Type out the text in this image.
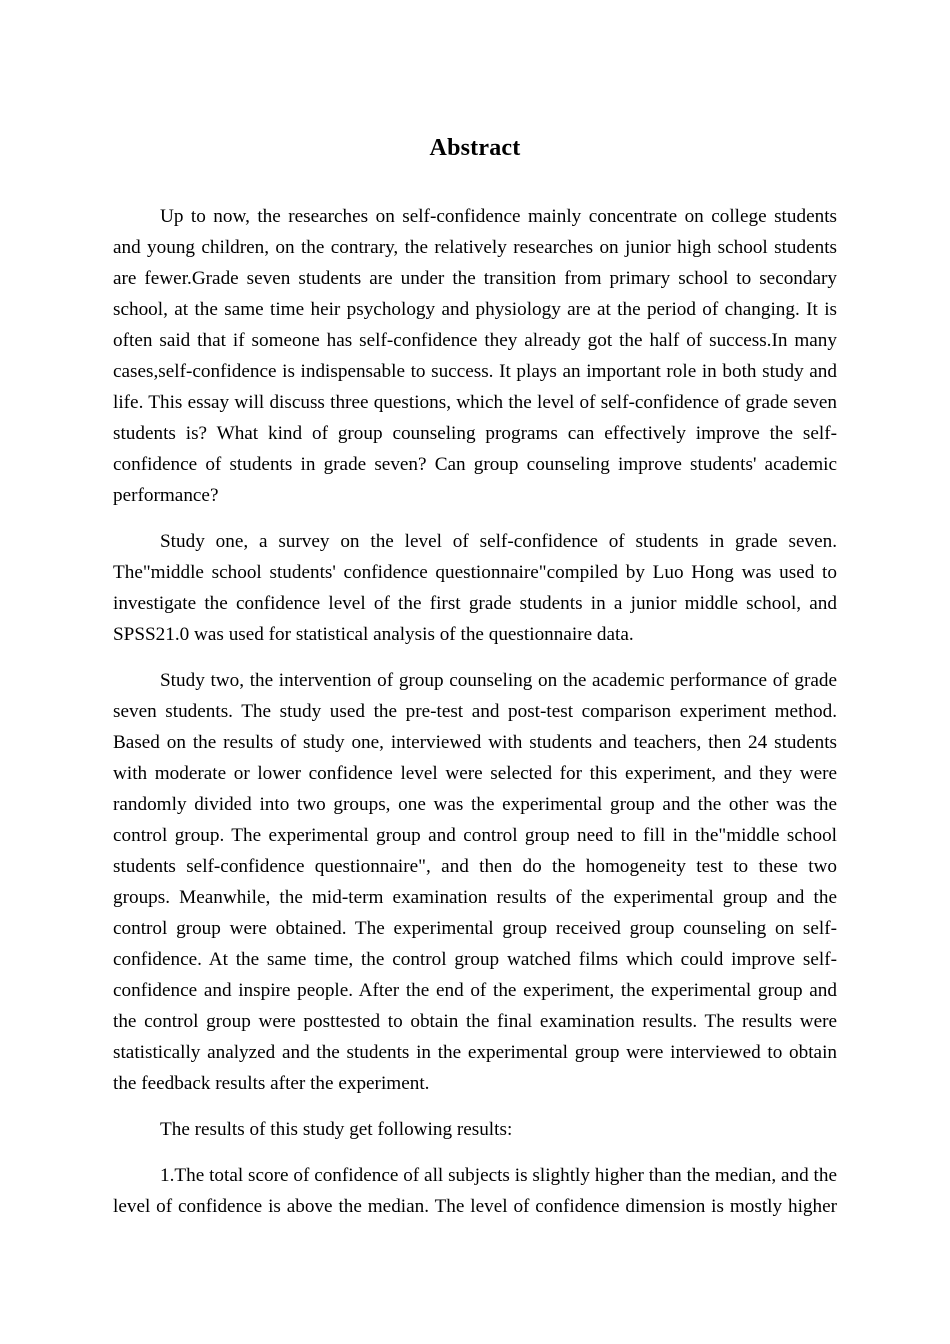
Abstract

Up to now, the researches on self-confidence mainly concentrate on college students and young children, on the contrary, the relatively researches on junior high school students are fewer.Grade seven students are under the transition from primary school to secondary school, at the same time heir psychology and physiology are at the period of changing. It is often said that if someone has self-confidence they already got the half of success.In many cases,self-confidence is indispensable to success. It plays an important role in both study and life. This essay will discuss three questions, which the level of self-confidence of grade seven students is? What kind of group counseling programs can effectively improve the self-confidence of students in grade seven? Can group counseling improve students' academic performance?

Study one, a survey on the level of self-confidence of students in grade seven. The"middle school students' confidence questionnaire"compiled by Luo Hong was used to investigate the confidence level of the first grade students in a junior middle school, and SPSS21.0 was used for statistical analysis of the questionnaire data.

Study two, the intervention of group counseling on the academic performance of grade seven students. The study used the pre-test and post-test comparison experiment method. Based on the results of study one, interviewed with students and teachers, then 24 students with moderate or lower confidence level were selected for this experiment, and they were randomly divided into two groups, one was the experimental group and the other was the control group. The experimental group and control group need to fill in the"middle school students self-confidence questionnaire", and then do the homogeneity test to these two groups. Meanwhile, the mid-term examination results of the experimental group and the control group were obtained. The experimental group received group counseling on self-confidence. At the same time, the control group watched films which could improve self-confidence and inspire people. After the end of the experiment, the experimental group and the control group were posttested to obtain the final examination results. The results were statistically analyzed and the students in the experimental group were interviewed to obtain the feedback results after the experiment.

The results of this study get following results:

1.The total score of confidence of all subjects is slightly higher than the median, and the level of confidence is above the median. The level of confidence dimension is mostly higher
